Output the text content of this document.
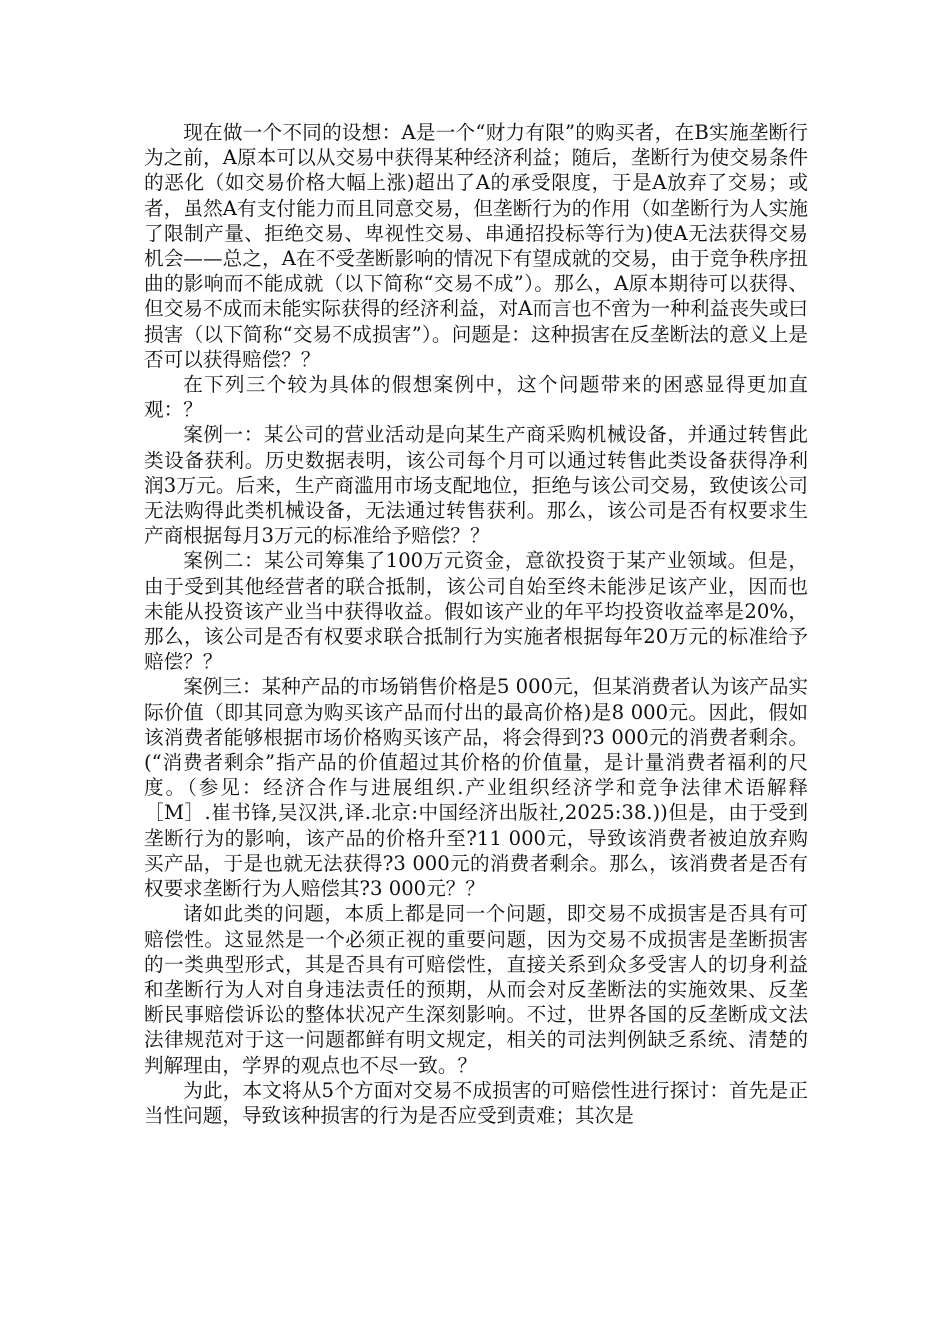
现在做一个不同的设想：A是一个“财力有限”的购买者，在B实施垄断行为之前，A原本可以从交易中获得某种经济利益；随后，垄断行为使交易条件的恶化（如交易价格大幅上涨)超出了A的承受限度，于是A放弃了交易；或者，虽然A有支付能力而且同意交易，但垄断行为的作用（如垄断行为人实施了限制产量、拒绝交易、卑视性交易、串通招投标等行为)使A无法获得交易机会——总之，A在不受垄断影响的情况下有望成就的交易，由于竞争秩序扭曲的影响而不能成就（以下简称“交易不成”）。那么，A原本期待可以获得、但交易不成而未能实际获得的经济利益，对A而言也不啻为一种利益丧失或曰损害（以下简称“交易不成损害”）。问题是：这种损害在反垄断法的意义上是否可以获得赔偿？？

在下列三个较为具体的假想案例中，这个问题带来的困惑显得更加直观：？

案例一：某公司的营业活动是向某生产商采购机械设备，并通过转售此类设备获利。历史数据表明，该公司每个月可以通过转售此类设备获得净利润3万元。后来，生产商滥用市场支配地位，拒绝与该公司交易，致使该公司无法购得此类机械设备，无法通过转售获利。那么，该公司是否有权要求生产商根据每月3万元的标准给予赔偿？？

案例二：某公司筹集了100万元资金，意欲投资于某产业领域。但是，由于受到其他经营者的联合抵制，该公司自始至终未能涉足该产业，因而也未能从投资该产业当中获得收益。假如该产业的年平均投资收益率是20%，那么，该公司是否有权要求联合抵制行为实施者根据每年20万元的标准给予赔偿？？

案例三：某种产品的市场销售价格是5 000元，但某消费者认为该产品实际价值（即其同意为购买该产品而付出的最高价格)是8 000元。因此，假如该消费者能够根据市场价格购买该产品，将会得到?3 000元的消费者剩余。(“消费者剩余”指产品的价值超过其价格的价值量，是计量消费者福利的尺度。（参见：经济合作与进展组织.产业组织经济学和竞争法律术语解释［M］.崔书锋,吴汉洪,译.北京:中国经济出版社,2025:38.))但是，由于受到垄断行为的影响，该产品的价格升至?11 000元，导致该消费者被迫放弃购买产品，于是也就无法获得?3 000元的消费者剩余。那么，该消费者是否有权要求垄断行为人赔偿其?3 000元？？

诸如此类的问题，本质上都是同一个问题，即交易不成损害是否具有可赔偿性。这显然是一个必须正视的重要问题，因为交易不成损害是垄断损害的一类典型形式，其是否具有可赔偿性，直接关系到众多受害人的切身利益和垄断行为人对自身违法责任的预期，从而会对反垄断法的实施效果、反垄断民事赔偿诉讼的整体状况产生深刻影响。不过，世界各国的反垄断成文法法律规范对于这一问题都鲜有明文规定，相关的司法判例缺乏系统、清楚的判解理由，学界的观点也不尽一致。？

为此，本文将从5个方面对交易不成损害的可赔偿性进行探讨：首先是正当性问题，导致该种损害的行为是否应受到责难；其次是
